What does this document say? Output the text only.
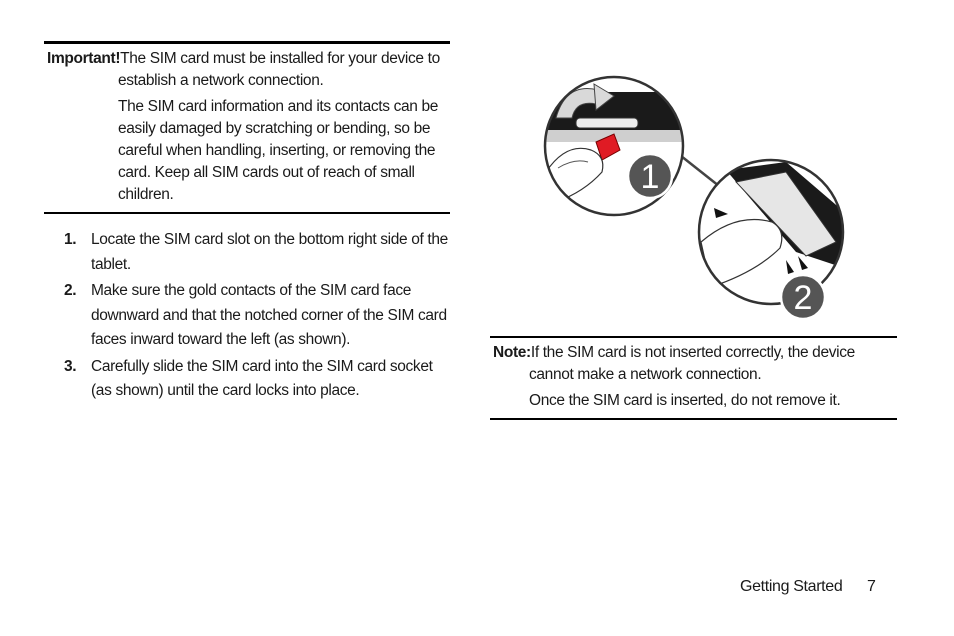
Important!The SIM card must be installed for your device to
establish a network connection.
The SIM card information and its contacts can be easily damaged by scratching or bending, so be careful when handling, inserting, or removing the card. Keep all SIM cards out of reach of small children.
1. Locate the SIM card slot on the bottom right side of the tablet.
2. Make sure the gold contacts of the SIM card face downward and that the notched corner of the SIM card faces inward toward the left (as shown).
3. Carefully slide the SIM card into the SIM card socket (as shown) until the card locks into place.
1
2
Note:If the SIM card is not inserted correctly, the device
cannot make a network connection.
Once the SIM card is inserted, do not remove it.
Getting Started 7
